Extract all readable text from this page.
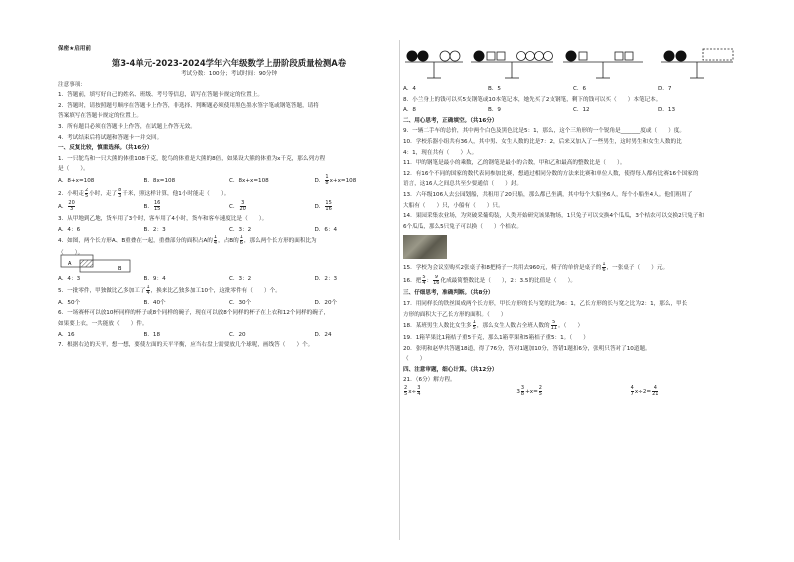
保密★启用前
第3-4单元-2023-2024学年六年级数学上册阶段质量检测A卷
考试分数：100分；考试时间：90分钟
注意事项：
1．答题前，填写好自己的姓名、班级、考号等信息，请写在答题卡规定的位置上。
2．答题时，请按照题号顺序在答题卡上作答，非选择、判断题必须使用黑色墨水签字笔或钢笔答题，请将
答案填写在答题卡规定的位置上。
3．所有题目必须在答题卡上作答，在试题上作答无效。
4．考试结束后将试题和答题卡一并交回。
一、反复比较，慎重选择。（共16分）
1．一只鸵鸟和一只大熊的体重108千克，鸵鸟的体重是大熊的8倍，如果设大熊的体重为x千克，那么列方程
是（　　）。
A．8+x=108	B．8x=108	C．8x+x=108	D． $\frac{1}{8} x+x=108$
2．小明走 $\frac{2}{5}$ 小时，走了 $\frac{8}{3}$ 千米，照这样计算，他1小时能走（　　）。
A． $\frac{20}{3}$	B． $\frac{16}{15}$	C． $\frac{3}{20}$	D． $\frac{15}{16}$
3．从甲地到乙地，货车用了3个时，客车用了4小时，货车和客车速度比是（　　）。
A．4：6	B．2：3	C．3：2	D．6：4
4．如图，两个长方形A、B重叠在一起，重叠部分的面积占A的 $\frac{1}{4}$ ，占B的 $\frac{1}{6}$ ，那么两个长方形的面积比为
（　　）。
A
B
A．4：3	B．9：4	C．3：2	D．2：3
5．一批零件，甲独做比乙多加工了 $\frac{1}{4}$ ，换来比乙独多加工10个，这批零件有（　　）个。
A．50个	B．40个	C．30个	D．20个
6．一场赛杯可以放10杯同样的杯子或8个同样的碗子，现在可以放8个同样的杯子在上衣和12个同样的碗子，
如果要上衣，一共能放（　　）件。
A．16	B．18	C．20	D．24
7．根据右边的天平，想一想，要使左面的天平平衡，应当右盘上需要放几个球呢，画线答（　　）个。
A．4	B．5	C．6	D．7
8．小兰身上的钱可以买5支钢笔或10本笔记本，她先买了2支钢笔，剩下的钱可以买（　　）本笔记本。
A．8	B．9	C．12	D．13
二、用心思考，正确填空。（共16分）
9．一辆二手车的总价，其中两个白色及黑色比是5：1，那么，这个三角形的一个锐角是_______度或（　　）度。
10．学校乐器小组共有36人，其中男、女生人数的比是7：2，后来又加入了一些男生，这时男生和女生人数的比
4：1，现在共有（　　）人。
11．甲的钢笔是最小的乘数，乙的钢笔是最小的合数，甲和乙和最高的整数比是（　　）。
12．有16个不同的国家的数代表同参加比赛，想通过相同分数的方法来比赛和单位人数，使得每人都有比赛16个国家的
语言，这16人之间总共至少要通信（　　）封。
13．六年级106人去公园划船，共租用了20只船，那么都已坐满，其中每个大船坐6人，每个小船坐4人。他们租用了
大船有（　　）只，小船有（　　）只。
14．果园采集农业场，为突破采葡萄装，人类开始研究该果物场，1只兔子可以交换4个瓜瓜，3个桔农可以交换2只兔子和
6个瓜瓜，那么5只兔子可以换（　　）个桔农。
15．学校为会议室购买2张桌子和8把椅子一共用去960元，椅子的单价是桌子的 $\frac{1}{6}$ ，一张桌子（　　）元。
16．把 $\frac{5}{4}$ ： $\frac{9}{16}$ 化成最简整数比是（　　），2：3.5的比值是（　　）。
三、仔细思考，准确判断。（共8分）
17．用同样长的铁丝围成两个长方形，甲长方形的长与宽的比为6：1，乙长方形的长与宽之比为2：1，那么，甲长
方形的面积大于乙长方形的面积。（　　）
18．某班男生人数比女生多 $\frac{1}{5}$ ，那么女生人数占全班人数的 $\frac{5}{11}$ 。（　　）
19．1箱苹果比1箱桔子重5千克，那么1箱苹果和5箱桔子重5：1。（　　）
20．张明和赵华共答题18道，得了76分，答对1题加10分，答错1题扣6分，张明只答对了10道题。
（　　）
四、注意审题，细心计算。（共12分）
21．（6分）解方程。
$\frac{2}{5} x\div \frac{3}{4}$	$3 \frac{3}{8} +x= \frac{2}{5}$	$\frac{4}{7} x\div 2= \frac{4}{21}$
